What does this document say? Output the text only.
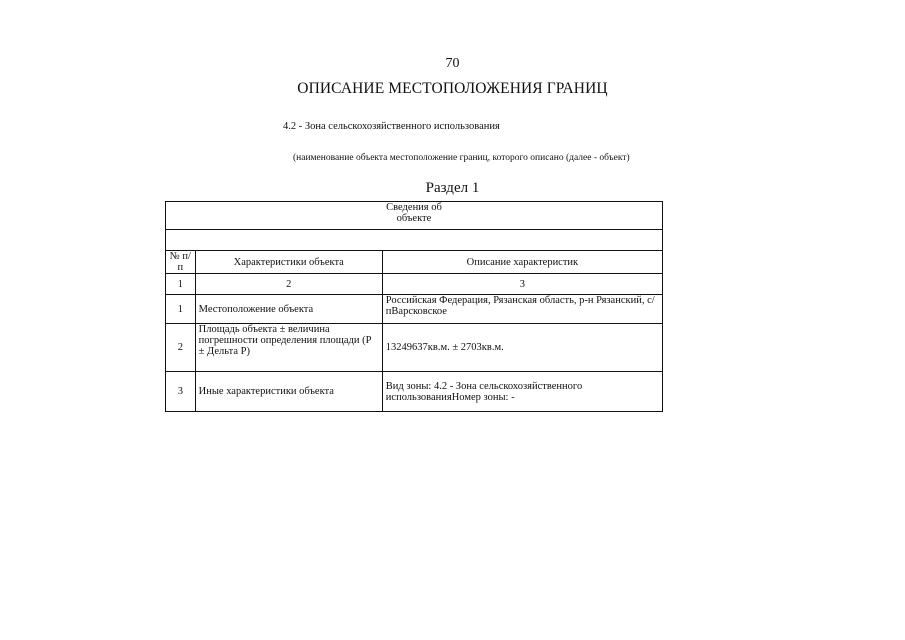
70
ОПИСАНИЕ МЕСТОПОЛОЖЕНИЯ ГРАНИЦ
4.2 - Зона сельскохозяйственного использования
(наименование объекта местоположение границ, которого описано (далее - объект)
Раздел 1
Сведения об
объекте		

№ п/п	Характеристики объекта	Описание характеристик
1	2	3
1	Местоположение объекта	Российская Федерация, Рязанская область, р-н Рязанский, с/пВарсковское
2	Площадь объекта ± величина погрешности определения площади (P ± Дельта P)	13249637кв.м. ± 2703кв.м.
3	Иные характеристики объекта	Вид зоны: 4.2 - Зона сельскохозяйственного использованияНомер зоны: -
